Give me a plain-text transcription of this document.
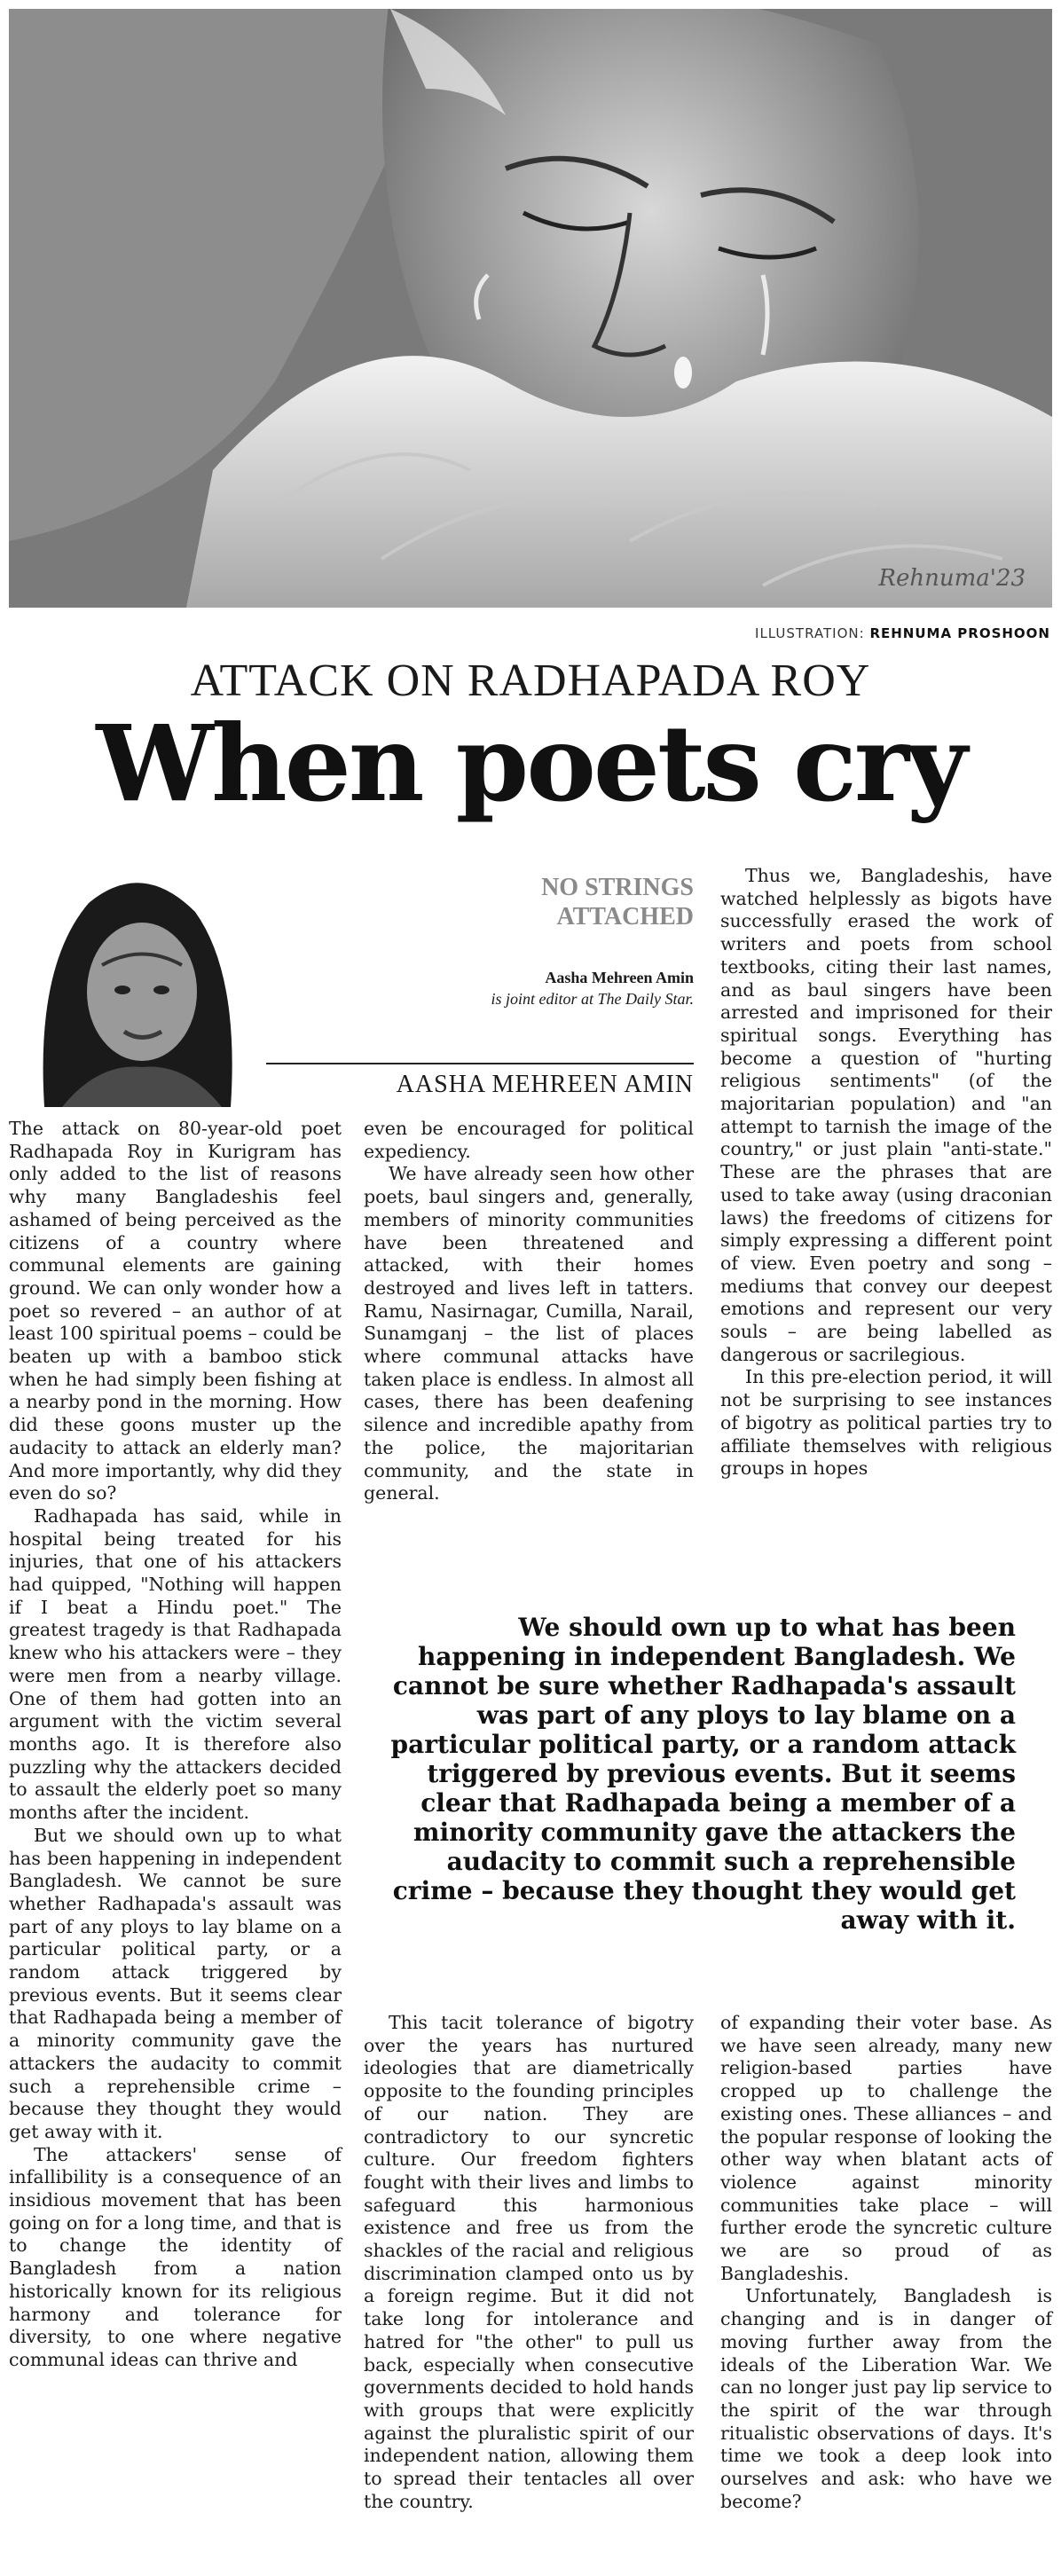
Rehnuma'23
ILLUSTRATION: REHNUMA PROSHOON
ATTACK ON RADHAPADA ROY
When poets cry
NO STRINGS
ATTACHED
Aasha Mehreen Amin
is joint editor at The Daily Star.
AASHA MEHREEN AMIN

The attack on 80-year-old poet Radhapada Roy in Kurigram has only added to the list of reasons why many Bangladeshis feel ashamed of being perceived as the citizens of a country where communal elements are gaining ground. We can only wonder how a poet so revered – an author of at least 100 spiritual poems – could be beaten up with a bamboo stick when he had simply been fishing at a nearby pond in the morning. How did these goons muster up the audacity to attack an elderly man? And more importantly, why did they even do so?

Radhapada has said, while in hospital being treated for his injuries, that one of his attackers had quipped, "Nothing will happen if I beat a Hindu poet." The greatest tragedy is that Radhapada knew who his attackers were – they were men from a nearby village. One of them had gotten into an argument with the victim several months ago. It is therefore also puzzling why the attackers decided to assault the elderly poet so many months after the incident.

But we should own up to what has been happening in independent Bangladesh. We cannot be sure whether Radhapada's assault was part of any ploys to lay blame on a particular political party, or a random attack triggered by previous events. But it seems clear that Radhapada being a member of a minority community gave the attackers the audacity to commit such a reprehensible crime – because they thought they would get away with it.

The attackers' sense of infallibility is a consequence of an insidious movement that has been going on for a long time, and that is to change the identity of Bangladesh from a nation historically known for its religious harmony and tolerance for diversity, to one where negative communal ideas can thrive and

even be encouraged for political expediency.

We have already seen how other poets, baul singers and, generally, members of minority communities have been threatened and attacked, with their homes destroyed and lives left in tatters. Ramu, Nasirnagar, Cumilla, Narail, Sunamganj – the list of places where communal attacks have taken place is endless. In almost all cases, there has been deafening silence and incredible apathy from the police, the majoritarian community, and the state in general.

Thus we, Bangladeshis, have watched helplessly as bigots have successfully erased the work of writers and poets from school textbooks, citing their last names, and as baul singers have been arrested and imprisoned for their spiritual songs. Everything has become a question of "hurting religious sentiments" (of the majoritarian population) and "an attempt to tarnish the image of the country," or just plain "anti-state." These are the phrases that are used to take away (using draconian laws) the freedoms of citizens for simply expressing a different point of view. Even poetry and song – mediums that convey our deepest emotions and represent our very souls – are being labelled as dangerous or sacrilegious.

In this pre-election period, it will not be surprising to see instances of bigotry as political parties try to affiliate themselves with religious groups in hopes

We should own up to what has been happening in independent Bangladesh. We cannot be sure whether Radhapada's assault was part of any ploys to lay blame on a particular political party, or a random attack triggered by previous events. But it seems clear that Radhapada being a member of a minority community gave the attackers the audacity to commit such a reprehensible crime – because they thought they would get away with it.

This tacit tolerance of bigotry over the years has nurtured ideologies that are diametrically opposite to the founding principles of our nation. They are contradictory to our syncretic culture. Our freedom fighters fought with their lives and limbs to safeguard this harmonious existence and free us from the shackles of the racial and religious discrimination clamped onto us by a foreign regime. But it did not take long for intolerance and hatred for "the other" to pull us back, especially when consecutive governments decided to hold hands with groups that were explicitly against the pluralistic spirit of our independent nation, allowing them to spread their tentacles all over the country.

of expanding their voter base. As we have seen already, many new religion-based parties have cropped up to challenge the existing ones. These alliances – and the popular response of looking the other way when blatant acts of violence against minority communities take place – will further erode the syncretic culture we are so proud of as Bangladeshis.

Unfortunately, Bangladesh is changing and is in danger of moving further away from the ideals of the Liberation War. We can no longer just pay lip service to the spirit of the war through ritualistic observations of days. It's time we took a deep look into ourselves and ask: who have we become?
